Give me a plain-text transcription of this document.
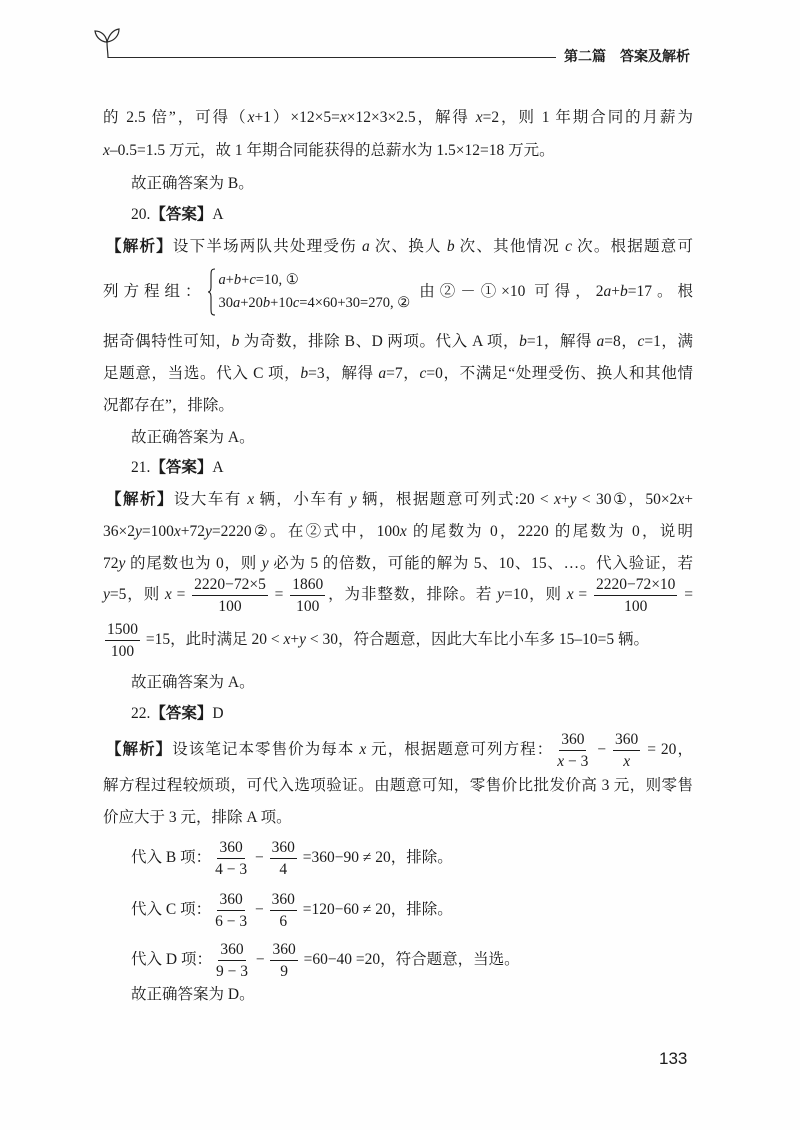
第二篇　答案及解析
的 2.5 倍”，可得（x+1）×12×5=x×12×3×2.5，解得 x=2，则 1 年期合同的月薪为
x–0.5=1.5 万元，故 1 年期合同能获得的总薪水为 1.5×12=18 万元。
故正确答案为 B。
20.【答案】A
【解析】设下半场两队共处理受伤 a 次、换人 b 次、其他情况 c 次。根据题意可
列方程组：
a+b+c=10, ①
30a+20b+10c=4×60+30=270, ②
由②－①×10 可得，2a+b=17。根
据奇偶特性可知，b 为奇数，排除 B、D 两项。代入 A 项，b=1，解得 a=8，c=1，满
足题意，当选。代入 C 项，b=3，解得 a=7，c=0，不满足“处理受伤、换人和其他情
况都存在”，排除。
故正确答案为 A。
21.【答案】A
【解析】设大车有 x 辆，小车有 y 辆，根据题意可列式:20 < x+y < 30①，50×2x+
36×2y=100x+72y=2220②。在②式中，100x 的尾数为 0，2220 的尾数为 0，说明
72y 的尾数也为 0，则 y 必为 5 的倍数，可能的解为 5、10、15、…。代入验证，若
y=5，则 $x = \frac{2220-72\times 5}{100} = \frac{1860}{100}$ ，为非整数，排除。若 y=10，则 $x = \frac{2220-72\times 10}{100}$ =
$\frac{1500}{100} =15$，此时满足 20 < x+y < 30，符合题意，因此大车比小车多 15–10=5 辆。
故正确答案为 A。
22.【答案】D
【解析】设该笔记本零售价为每本 x 元，根据题意可列方程： $\frac{360}{x - 3} - \frac{360}{x} = 20$，
解方程过程较烦琐，可代入选项验证。由题意可知，零售价比批发价高 3 元，则零售
价应大于 3 元，排除 A 项。
代入 B 项： $\frac{360}{4 - 3} - \frac{360}{4} =360-90 \ne 20$，排除。
代入 C 项： $\frac{360}{6 - 3} - \frac{360}{6} =120-60 \ne 20$，排除。
代入 D 项： $\frac{360}{9 - 3} - \frac{360}{9} =60-40 =20$，符合题意，当选。
故正确答案为 D。
133
